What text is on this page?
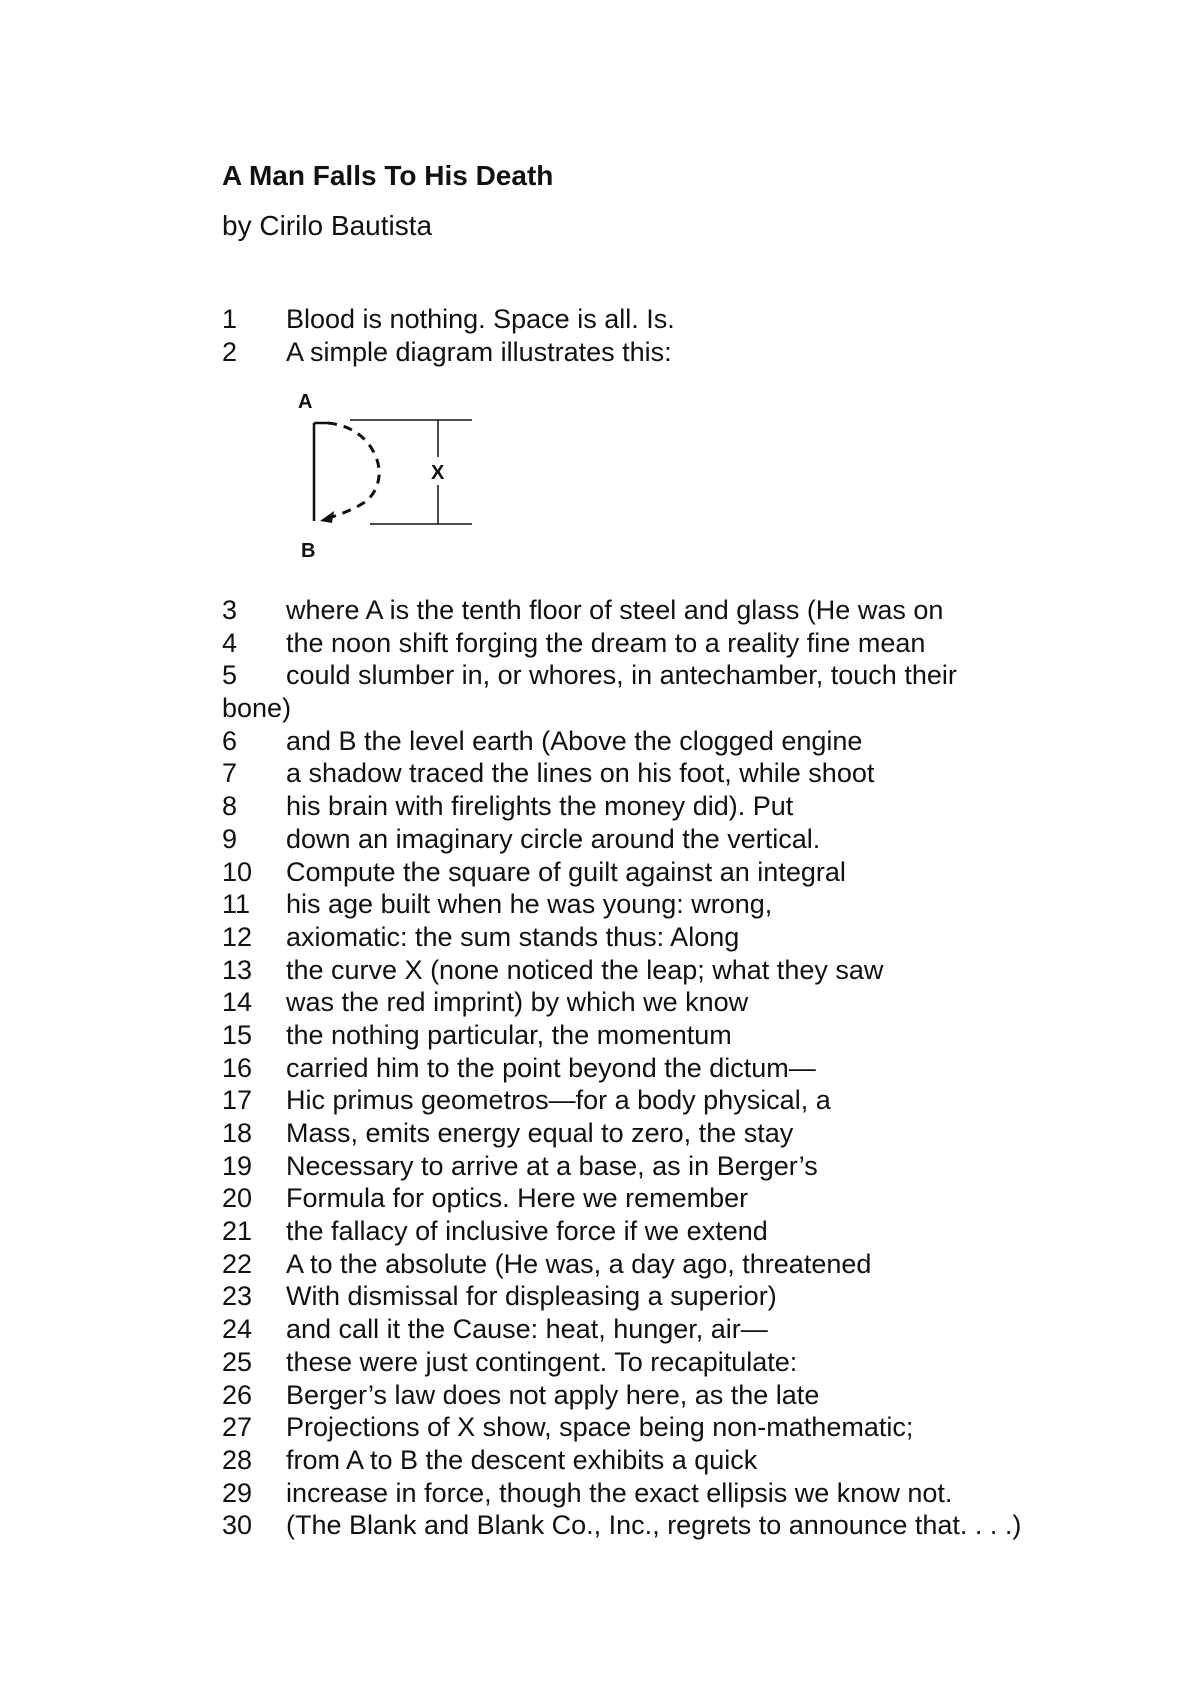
A Man Falls To His Death

by Cirilo Bautista

1 Blood is nothing. Space is all. Is.
2 A simple diagram illustrates this:
A
X
B
3 where A is the tenth floor of steel and glass (He was on
4 the noon shift forging the dream to a reality fine mean
5 could slumber in, or whores, in antechamber, touch their
bone)
6 and B the level earth (Above the clogged engine
7 a shadow traced the lines on his foot, while shoot
8 his brain with firelights the money did). Put
9 down an imaginary circle around the vertical.
10 Compute the square of guilt against an integral
11 his age built when he was young: wrong,
12 axiomatic: the sum stands thus: Along
13 the curve X (none noticed the leap; what they saw
14 was the red imprint) by which we know
15 the nothing particular, the momentum
16 carried him to the point beyond the dictum—
17 Hic primus geometros—for a body physical, a
18 Mass, emits energy equal to zero, the stay
19 Necessary to arrive at a base, as in Berger’s
20 Formula for optics. Here we remember
21 the fallacy of inclusive force if we extend
22 A to the absolute (He was, a day ago, threatened
23 With dismissal for displeasing a superior)
24 and call it the Cause: heat, hunger, air—
25 these were just contingent. To recapitulate:
26 Berger’s law does not apply here, as the late
27 Projections of X show, space being non-mathematic;
28 from A to B the descent exhibits a quick
29 increase in force, though the exact ellipsis we know not.
30 (The Blank and Blank Co., Inc., regrets to announce that. . . .)
